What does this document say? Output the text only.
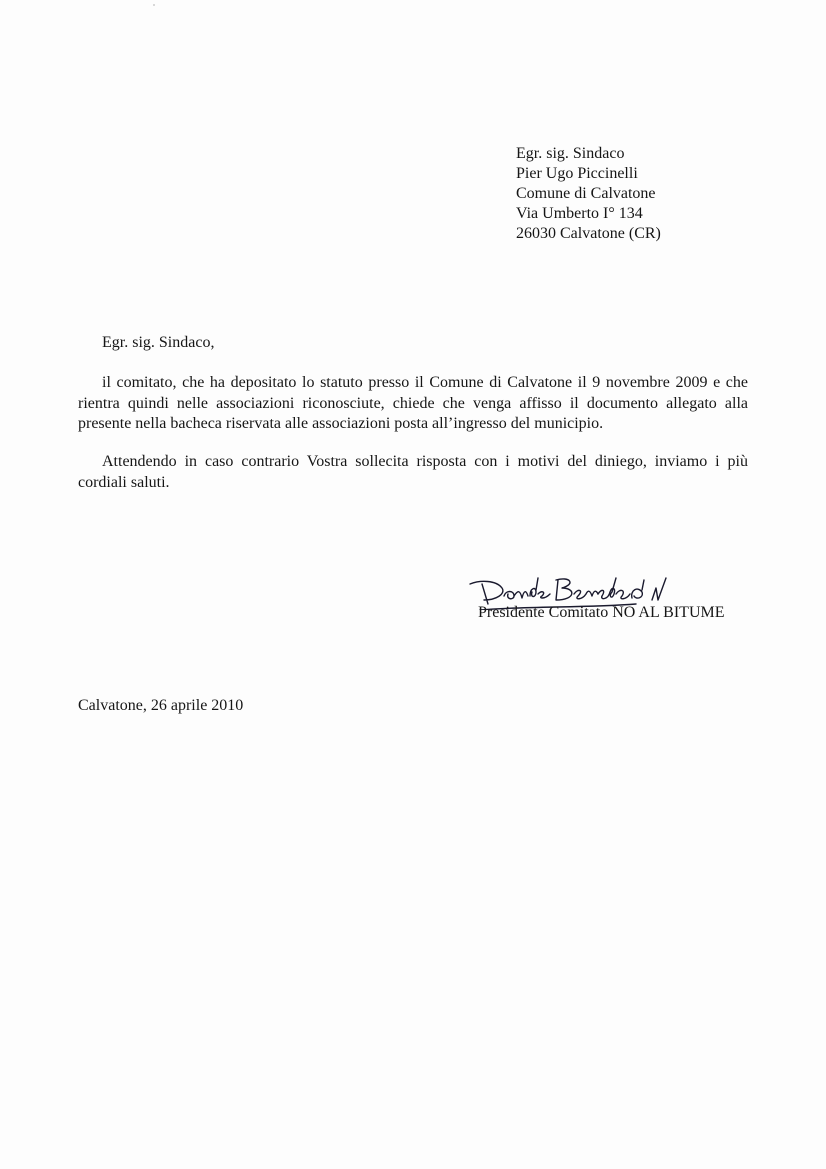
Egr. sig. Sindaco
Pier Ugo Piccinelli
Comune di Calvatone
Via Umberto I° 134
26030 Calvatone (CR)
Egr. sig. Sindaco,
il comitato, che ha depositato lo statuto presso il Comune di Calvatone il 9 novembre 2009 e che
rientra quindi nelle associazioni riconosciute, chiede che venga affisso il documento allegato alla
presente nella bacheca riservata alle associazioni posta all’ingresso del municipio.
Attendendo in caso contrario Vostra sollecita risposta con i motivi del diniego, inviamo i più
cordiali saluti.
Presidente Comitato NO AL BITUME
Calvatone, 26 aprile 2010
